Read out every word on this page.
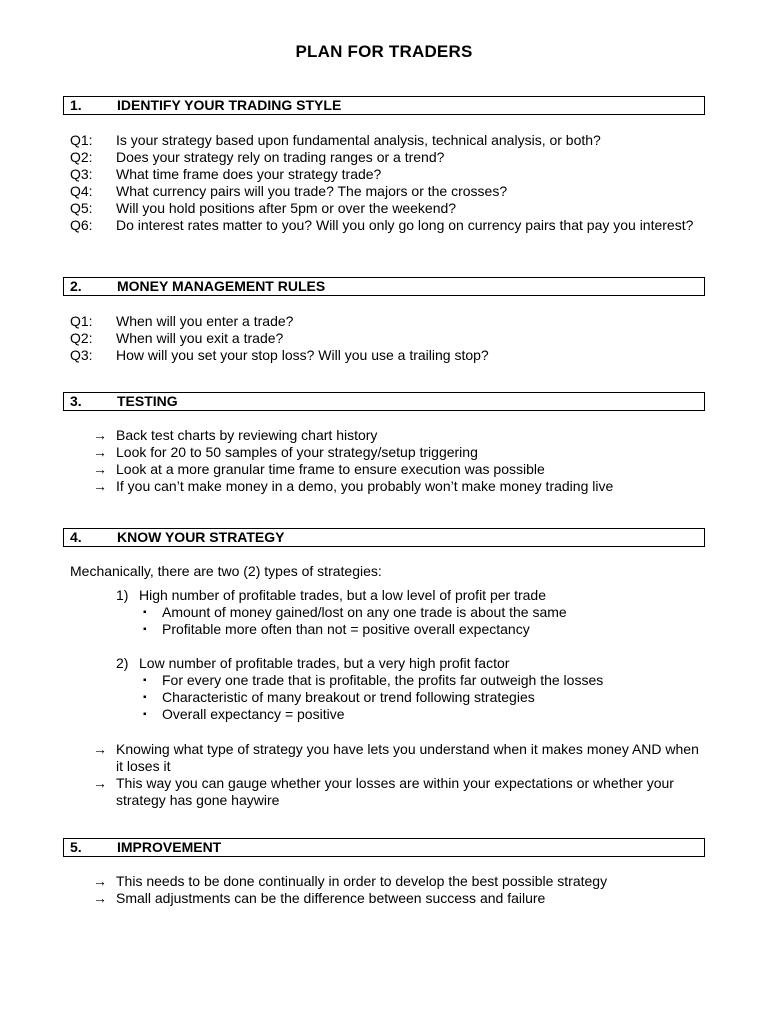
PLAN FOR TRADERS
1.	IDENTIFY YOUR TRADING STYLE
Q1: Is your strategy based upon fundamental analysis, technical analysis, or both?
Q2: Does your strategy rely on trading ranges or a trend?
Q3: What time frame does your strategy trade?
Q4: What currency pairs will you trade? The majors or the crosses?
Q5: Will you hold positions after 5pm or over the weekend?
Q6: Do interest rates matter to you? Will you only go long on currency pairs that pay you interest?
2.	MONEY MANAGEMENT RULES
Q1: When will you enter a trade?
Q2: When will you exit a trade?
Q3: How will you set your stop loss? Will you use a trailing stop?
3.	TESTING
→ Back test charts by reviewing chart history
→ Look for 20 to 50 samples of your strategy/setup triggering
→ Look at a more granular time frame to ensure execution was possible
→ If you can’t make money in a demo, you probably won’t make money trading live
4.	KNOW YOUR STRATEGY
Mechanically, there are two (2) types of strategies:
1) High number of profitable trades, but a low level of profit per trade
▪ Amount of money gained/lost on any one trade is about the same
▪ Profitable more often than not = positive overall expectancy
2) Low number of profitable trades, but a very high profit factor
▪ For every one trade that is profitable, the profits far outweigh the losses
▪ Characteristic of many breakout or trend following strategies
▪ Overall expectancy = positive
→ Knowing what type of strategy you have lets you understand when it makes money AND when it loses it
→ This way you can gauge whether your losses are within your expectations or whether your strategy has gone haywire
5.	IMPROVEMENT
→ This needs to be done continually in order to develop the best possible strategy
→ Small adjustments can be the difference between success and failure
